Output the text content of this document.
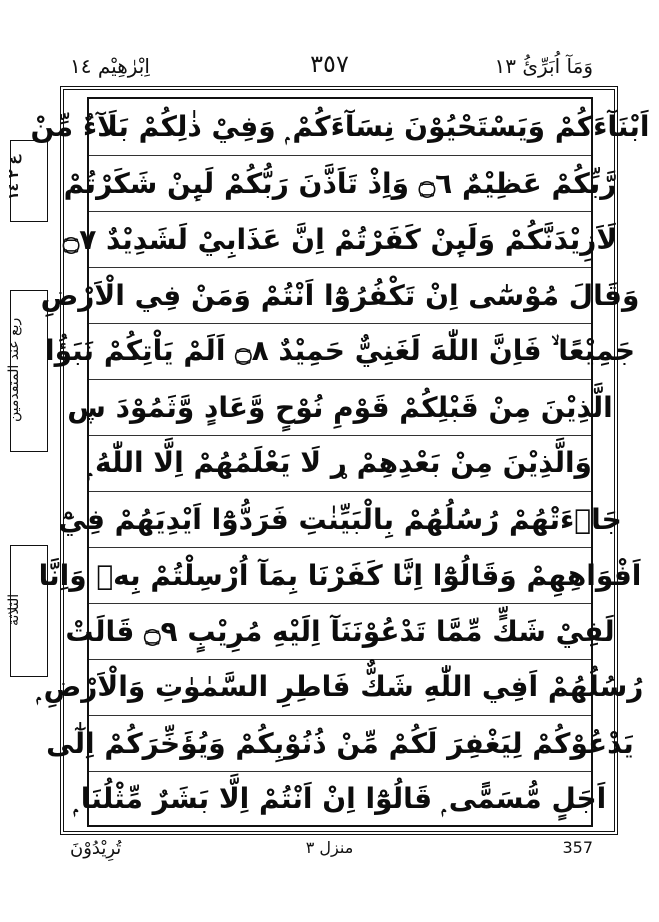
وَمَآ اُبَرِّئُ ١٣
٣٥٧
اِبْرٰهِيْم ١٤
ع ٢ ١٤
ربع عند المتقدمين
الثلاثة
اَبْنَآءَكُمْ وَيَسْتَحْيُوْنَ نِسَآءَكُمْ ۭ وَفِيْ ذٰلِكُمْ بَلَآءٌ مِّنْ
رَّبِّكُمْ عَظِيْمٌ ۝٦ وَاِذْ تَاَذَّنَ رَبُّكُمْ لَىِٕنْ شَكَرْتُمْ
لَاَزِيْدَنَّكُمْ وَلَىِٕنْ كَفَرْتُمْ اِنَّ عَذَابِيْ لَشَدِيْدٌ ۝٧
وَقَالَ مُوْسٰٓى اِنْ تَكْفُرُوْٓا اَنْتُمْ وَمَنْ فِي الْاَرْضِ
جَمِيْعًا ۙ فَاِنَّ اللّٰهَ لَغَنِيٌّ حَمِيْدٌ ۝٨ اَلَمْ يَاْتِكُمْ نَبَؤُا
الَّذِيْنَ مِنْ قَبْلِكُمْ قَوْمِ نُوْحٍ وَّعَادٍ وَّثَمُوْدَ ڛ
وَالَّذِيْنَ مِنْ بَعْدِهِمْ ړ لَا يَعْلَمُهُمْ اِلَّا اللّٰهُ ۭ
جَاۗءَتْهُمْ رُسُلُهُمْ بِالْبَيِّنٰتِ فَرَدُّوْٓا اَيْدِيَهُمْ فِيْٓ
اَفْوَاهِهِمْ وَقَالُوْٓا اِنَّا كَفَرْنَا بِمَآ اُرْسِلْتُمْ بِهٖ وَاِنَّا
لَفِيْ شَكٍّ مِّمَّا تَدْعُوْنَنَآ اِلَيْهِ مُرِيْبٍ ۝٩ قَالَتْ
رُسُلُهُمْ اَفِي اللّٰهِ شَكٌّ فَاطِرِ السَّمٰوٰتِ وَالْاَرْضِ ۭ
يَدْعُوْكُمْ لِيَغْفِرَ لَكُمْ مِّنْ ذُنُوْبِكُمْ وَيُؤَخِّرَكُمْ اِلٰٓى
اَجَلٍ مُّسَمًّى ۭ قَالُوْٓا اِنْ اَنْتُمْ اِلَّا بَشَرٌ مِّثْلُنَا ۭ
تُرِيْدُوْنَ	منزل ٣	357
